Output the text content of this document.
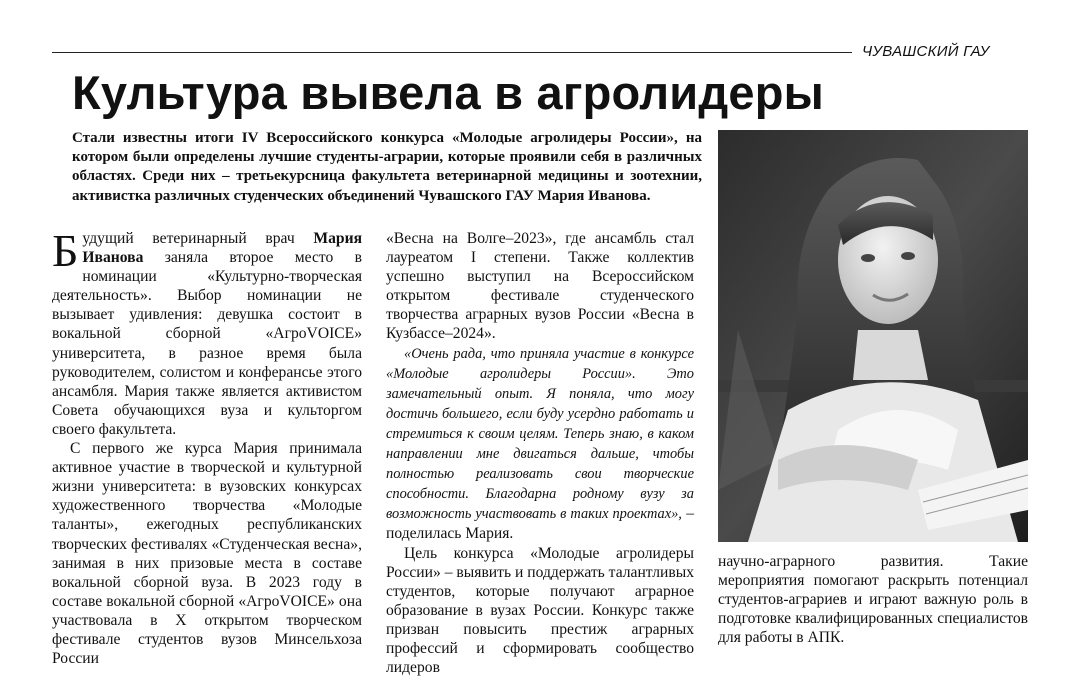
ЧУВАШСКИЙ ГАУ
Культура вывела в агролидеры

Стали известны итоги IV Всероссийского конкурса «Молодые агролидеры России», на котором были определены лучшие студенты-аграрии, которые проявили себя в различных областях. Среди них – третьекурсница факультета ветеринарной медицины и зоотехнии, активистка различных студенческих объединений Чувашского ГАУ Мария Иванова.

Будущий ветеринарный врач Мария Иванова заняла второе место в номинации «Культурно-творческая деятельность». Выбор номинации не вызывает удивления: девушка состоит в вокальной сборной «АгроVOICE» университета, в разное время была руководителем, солистом и конферансье этого ансамбля. Мария также является активистом Совета обучающихся вуза и культоргом своего факультета.

С первого же курса Мария принимала активное участие в творческой и культурной жизни университета: в вузовских конкурсах художественного творчества «Молодые таланты», ежегодных республиканских творческих фестивалях «Студенческая весна», занимая в них призовые места в составе вокальной сборной вуза. В 2023 году в составе вокальной сборной «АгроVOICE» она участвовала в X открытом творческом фестивале студентов вузов Минсельхоза России

«Весна на Волге–2023», где ансамбль стал лауреатом I степени. Также коллектив успешно выступил на Всероссийском открытом фестивале студенческого творчества аграрных вузов России «Весна в Кузбассе–2024».

«Очень рада, что приняла участие в конкурсе «Молодые агролидеры России». Это замечательный опыт. Я поняла, что могу достичь большего, если буду усердно работать и стремиться к своим целям. Теперь знаю, в каком направлении мне двигаться дальше, чтобы полностью реализовать свои творческие способности. Благодарна родному вузу за возможность участвовать в таких проектах», – поделилась Мария.

Цель конкурса «Молодые агролидеры России» – выявить и поддержать талантливых студентов, которые получают аграрное образование в вузах России. Конкурс также призван повысить престиж аграрных профессий и сформировать сообщество лидеров

научно-аграрного развития. Такие мероприятия помогают раскрыть потенциал студентов-аграриев и играют важную роль в подготовке квалифицированных специалистов для работы в АПК.
